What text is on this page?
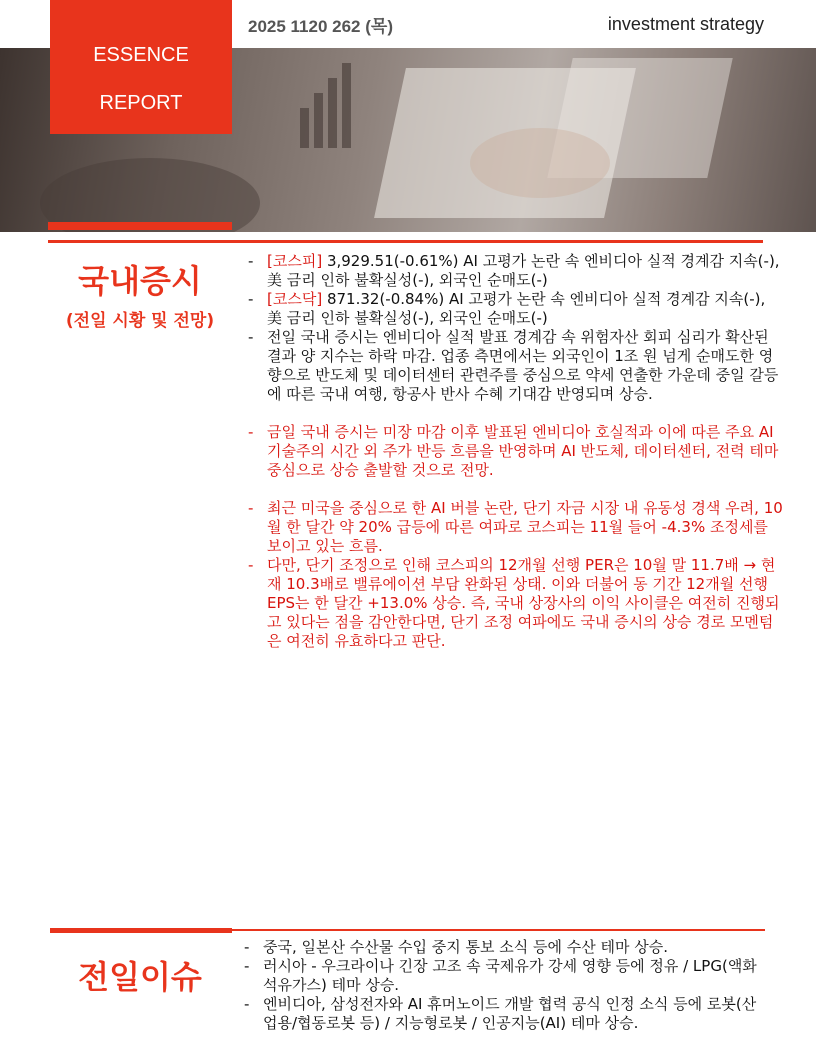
2025 1120 262 (목)	investment strategy
ESSENCE
REPORT
국내증시
(전일 시황 및 전망)
- [코스피] 3,929.51(-0.61%) AI 고평가 논란 속 엔비디아 실적 경계감 지속(-), 美 금리 인하 불확실성(-), 외국인 순매도(-)
- [코스닥] 871.32(-0.84%) AI 고평가 논란 속 엔비디아 실적 경계감 지속(-), 美 금리 인하 불확실성(-), 외국인 순매도(-)
- 전일 국내 증시는 엔비디아 실적 발표 경계감 속 위험자산 회피 심리가 확산된 결과 양 지수는 하락 마감. 업종 측면에서는 외국인이 1조 원 넘게 순매도한 영향으로 반도체 및 데이터센터 관련주를 중심으로 약세 연출한 가운데 중일 갈등에 따른 국내 여행, 항공사 반사 수혜 기대감 반영되며 상승.
- 금일 국내 증시는 미장 마감 이후 발표된 엔비디아 호실적과 이에 따른 주요 AI 기술주의 시간 외 주가 반등 흐름을 반영하며 AI 반도체, 데이터센터, 전력 테마 중심으로 상승 출발할 것으로 전망.
- 최근 미국을 중심으로 한 AI 버블 논란, 단기 자금 시장 내 유동성 경색 우려, 10월 한 달간 약 20% 급등에 따른 여파로 코스피는 11월 들어 -4.3% 조정세를 보이고 있는 흐름.
- 다만, 단기 조정으로 인해 코스피의 12개월 선행 PER은 10월 말 11.7배 → 현재 10.3배로 밸류에이션 부담 완화된 상태. 이와 더불어 동 기간 12개월 선행 EPS는 한 달간 +13.0% 상승. 즉, 국내 상장사의 이익 사이클은 여전히 진행되고 있다는 점을 감안한다면, 단기 조정 여파에도 국내 증시의 상승 경로 모멘텀은 여전히 유효하다고 판단.
전일이슈
- 중국, 일본산 수산물 수입 중지 통보 소식 등에 수산 테마 상승.
- 러시아 - 우크라이나 긴장 고조 속 국제유가 강세 영향 등에 정유 / LPG(액화석유가스) 테마 상승.
- 엔비디아, 삼성전자와 AI 휴머노이드 개발 협력 공식 인정 소식 등에 로봇(산업용/협동로봇 등) / 지능형로봇 / 인공지능(AI) 테마 상승.
